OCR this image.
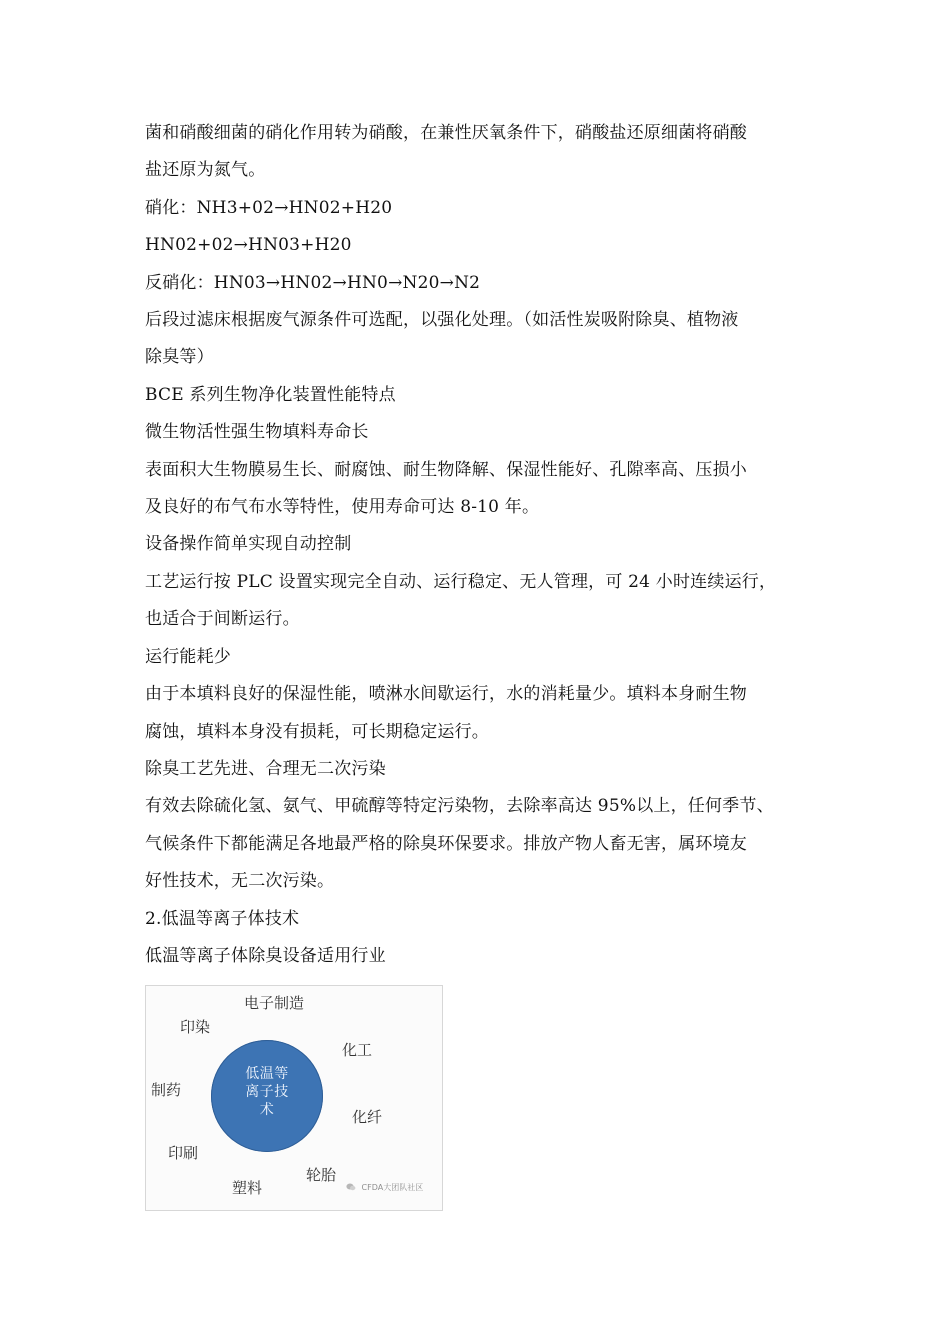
菌和硝酸细菌的硝化作用转为硝酸，在兼性厌氧条件下，硝酸盐还原细菌将硝酸
盐还原为氮气。
硝化：NH3+02→HN02+H20
HN02+02→HN03+H20
反硝化：HN03→HN02→HN0→N20→N2
后段过滤床根据废气源条件可选配，以强化处理。（如活性炭吸附除臭、植物液
除臭等）
BCE 系列生物净化装置性能特点
微生物活性强生物填料寿命长
表面积大生物膜易生长、耐腐蚀、耐生物降解、保湿性能好、孔隙率高、压损小
及良好的布气布水等特性，使用寿命可达 8-10 年。
设备操作简单实现自动控制
工艺运行按 PLC 设置实现完全自动、运行稳定、无人管理，可 24 小时连续运行，
也适合于间断运行。
运行能耗少
由于本填料良好的保湿性能，喷淋水间歇运行，水的消耗量少。填料本身耐生物
腐蚀，填料本身没有损耗，可长期稳定运行。
除臭工艺先进、合理无二次污染
有效去除硫化氢、氨气、甲硫醇等特定污染物，去除率高达 95%以上，任何季节、
气候条件下都能满足各地最严格的除臭环保要求。排放产物人畜无害，属环境友
好性技术，无二次污染。
2.低温等离子体技术
低温等离子体除臭设备适用行业
低温等
离子技
术
电子制造
印染
化工
制药
化纤
印刷
轮胎
塑料	CFDA大团队社区
